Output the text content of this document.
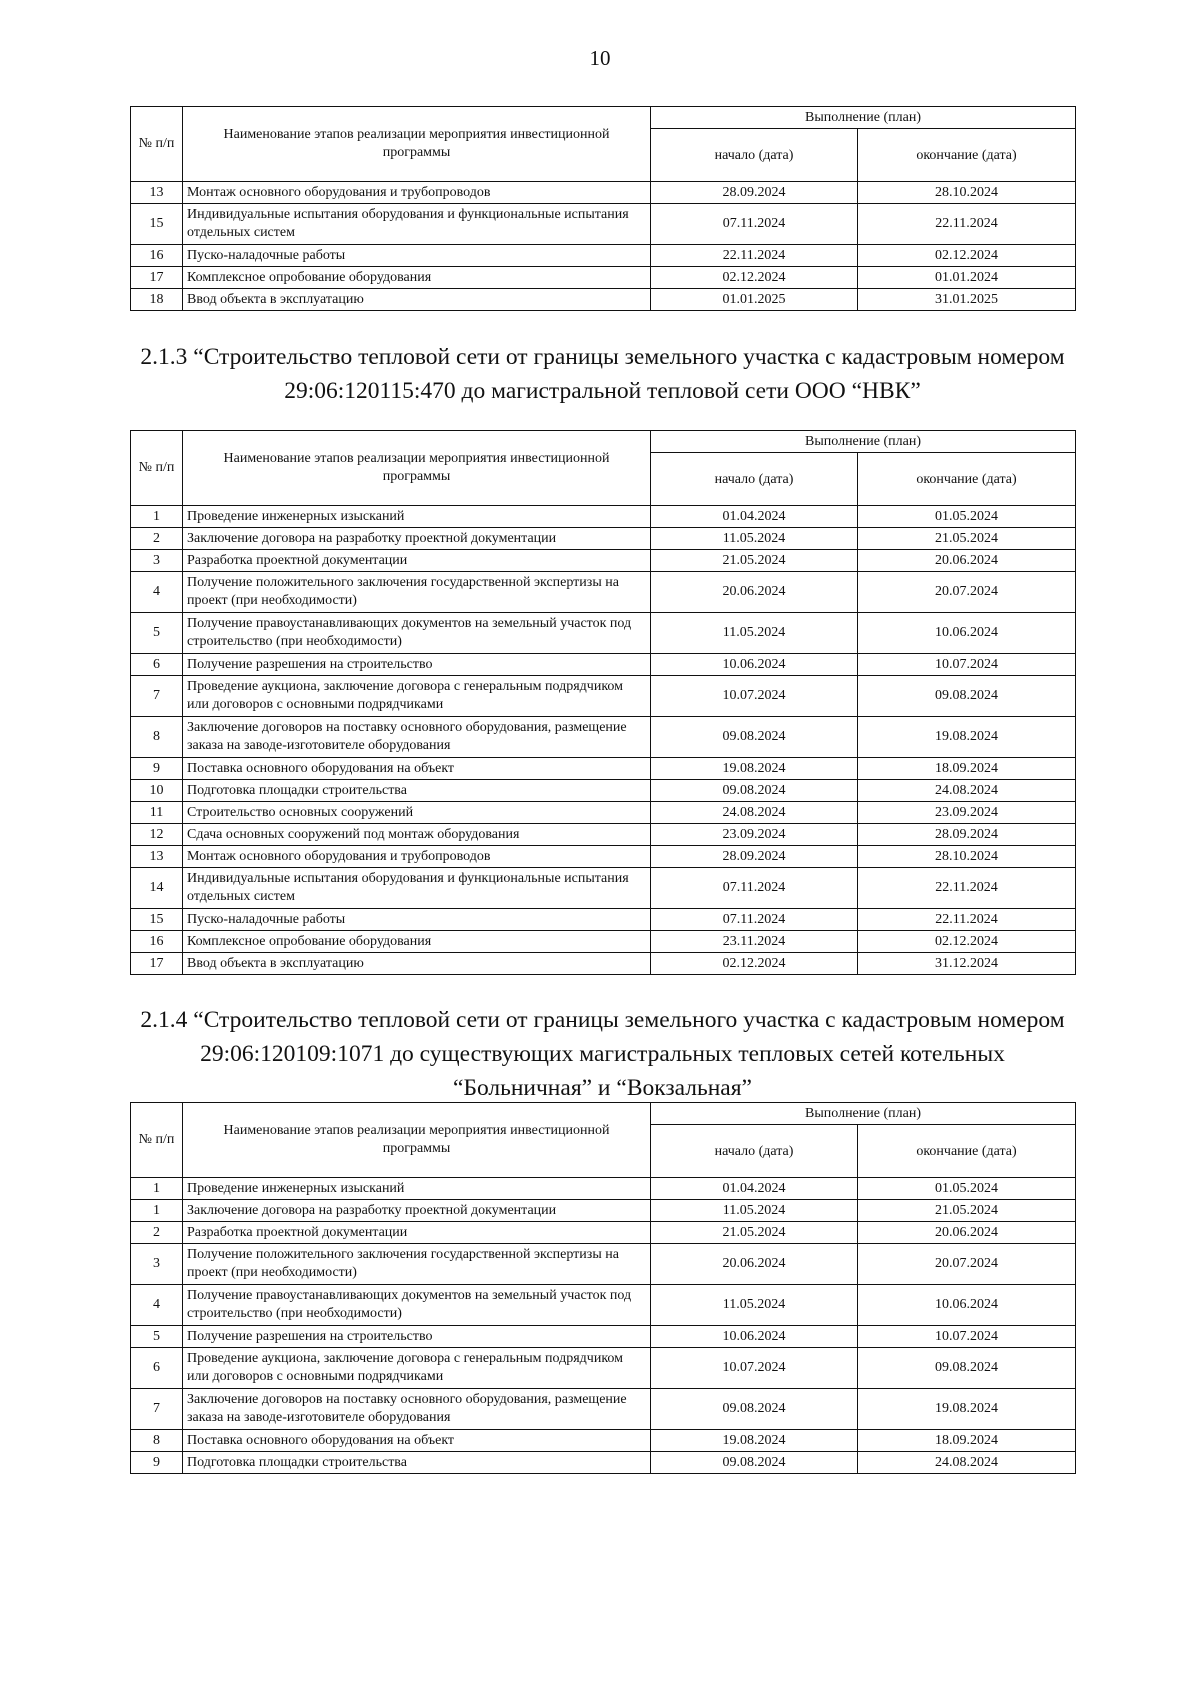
10
№ п/п	Наименование этапов реализации мероприятия инвестиционной программы	Выполнение (план)	
		начало (дата)	окончание (дата)
13	Монтаж основного оборудования и трубопроводов	28.09.2024	28.10.2024
15	Индивидуальные испытания оборудования и функциональные испытания отдельных систем	07.11.2024	22.11.2024
16	Пуско-наладочные работы	22.11.2024	02.12.2024
17	Комплексное опробование оборудования	02.12.2024	01.01.2024
18	Ввод объекта в эксплуатацию	01.01.2025	31.01.2025
2.1.3 “Строительство тепловой сети от границы земельного участка с кадастровым номером 29:06:120115:470 до магистральной тепловой сети ООО “НВК”
№ п/п	Наименование этапов реализации мероприятия инвестиционной программы	Выполнение (план)	
		начало (дата)	окончание (дата)
1	Проведение инженерных изысканий	01.04.2024	01.05.2024
2	Заключение договора на разработку проектной документации	11.05.2024	21.05.2024
3	Разработка проектной документации	21.05.2024	20.06.2024
4	Получение положительного заключения государственной экспертизы на проект (при необходимости)	20.06.2024	20.07.2024
5	Получение правоустанавливающих документов на земельный участок под строительство (при необходимости)	11.05.2024	10.06.2024
6	Получение разрешения на строительство	10.06.2024	10.07.2024
7	Проведение аукциона, заключение договора с генеральным подрядчиком или договоров с основными подрядчиками	10.07.2024	09.08.2024
8	Заключение договоров на поставку основного оборудования, размещение заказа на заводе-изготовителе оборудования	09.08.2024	19.08.2024
9	Поставка основного оборудования на объект	19.08.2024	18.09.2024
10	Подготовка площадки строительства	09.08.2024	24.08.2024
11	Строительство основных сооружений	24.08.2024	23.09.2024
12	Сдача основных сооружений под монтаж оборудования	23.09.2024	28.09.2024
13	Монтаж основного оборудования и трубопроводов	28.09.2024	28.10.2024
14	Индивидуальные испытания оборудования и функциональные испытания отдельных систем	07.11.2024	22.11.2024
15	Пуско-наладочные работы	07.11.2024	22.11.2024
16	Комплексное опробование оборудования	23.11.2024	02.12.2024
17	Ввод объекта в эксплуатацию	02.12.2024	31.12.2024
2.1.4 “Строительство тепловой сети от границы земельного участка с кадастровым номером 29:06:120109:1071 до существующих магистральных тепловых сетей котельных “Больничная” и “Вокзальная”
№ п/п	Наименование этапов реализации мероприятия инвестиционной программы	Выполнение (план)	
		начало (дата)	окончание (дата)
1	Проведение инженерных изысканий	01.04.2024	01.05.2024
1	Заключение договора на разработку проектной документации	11.05.2024	21.05.2024
2	Разработка проектной документации	21.05.2024	20.06.2024
3	Получение положительного заключения государственной экспертизы на проект (при необходимости)	20.06.2024	20.07.2024
4	Получение правоустанавливающих документов на земельный участок под строительство (при необходимости)	11.05.2024	10.06.2024
5	Получение разрешения на строительство	10.06.2024	10.07.2024
6	Проведение аукциона, заключение договора с генеральным подрядчиком или договоров с основными подрядчиками	10.07.2024	09.08.2024
7	Заключение договоров на поставку основного оборудования, размещение заказа на заводе-изготовителе оборудования	09.08.2024	19.08.2024
8	Поставка основного оборудования на объект	19.08.2024	18.09.2024
9	Подготовка площадки строительства	09.08.2024	24.08.2024
